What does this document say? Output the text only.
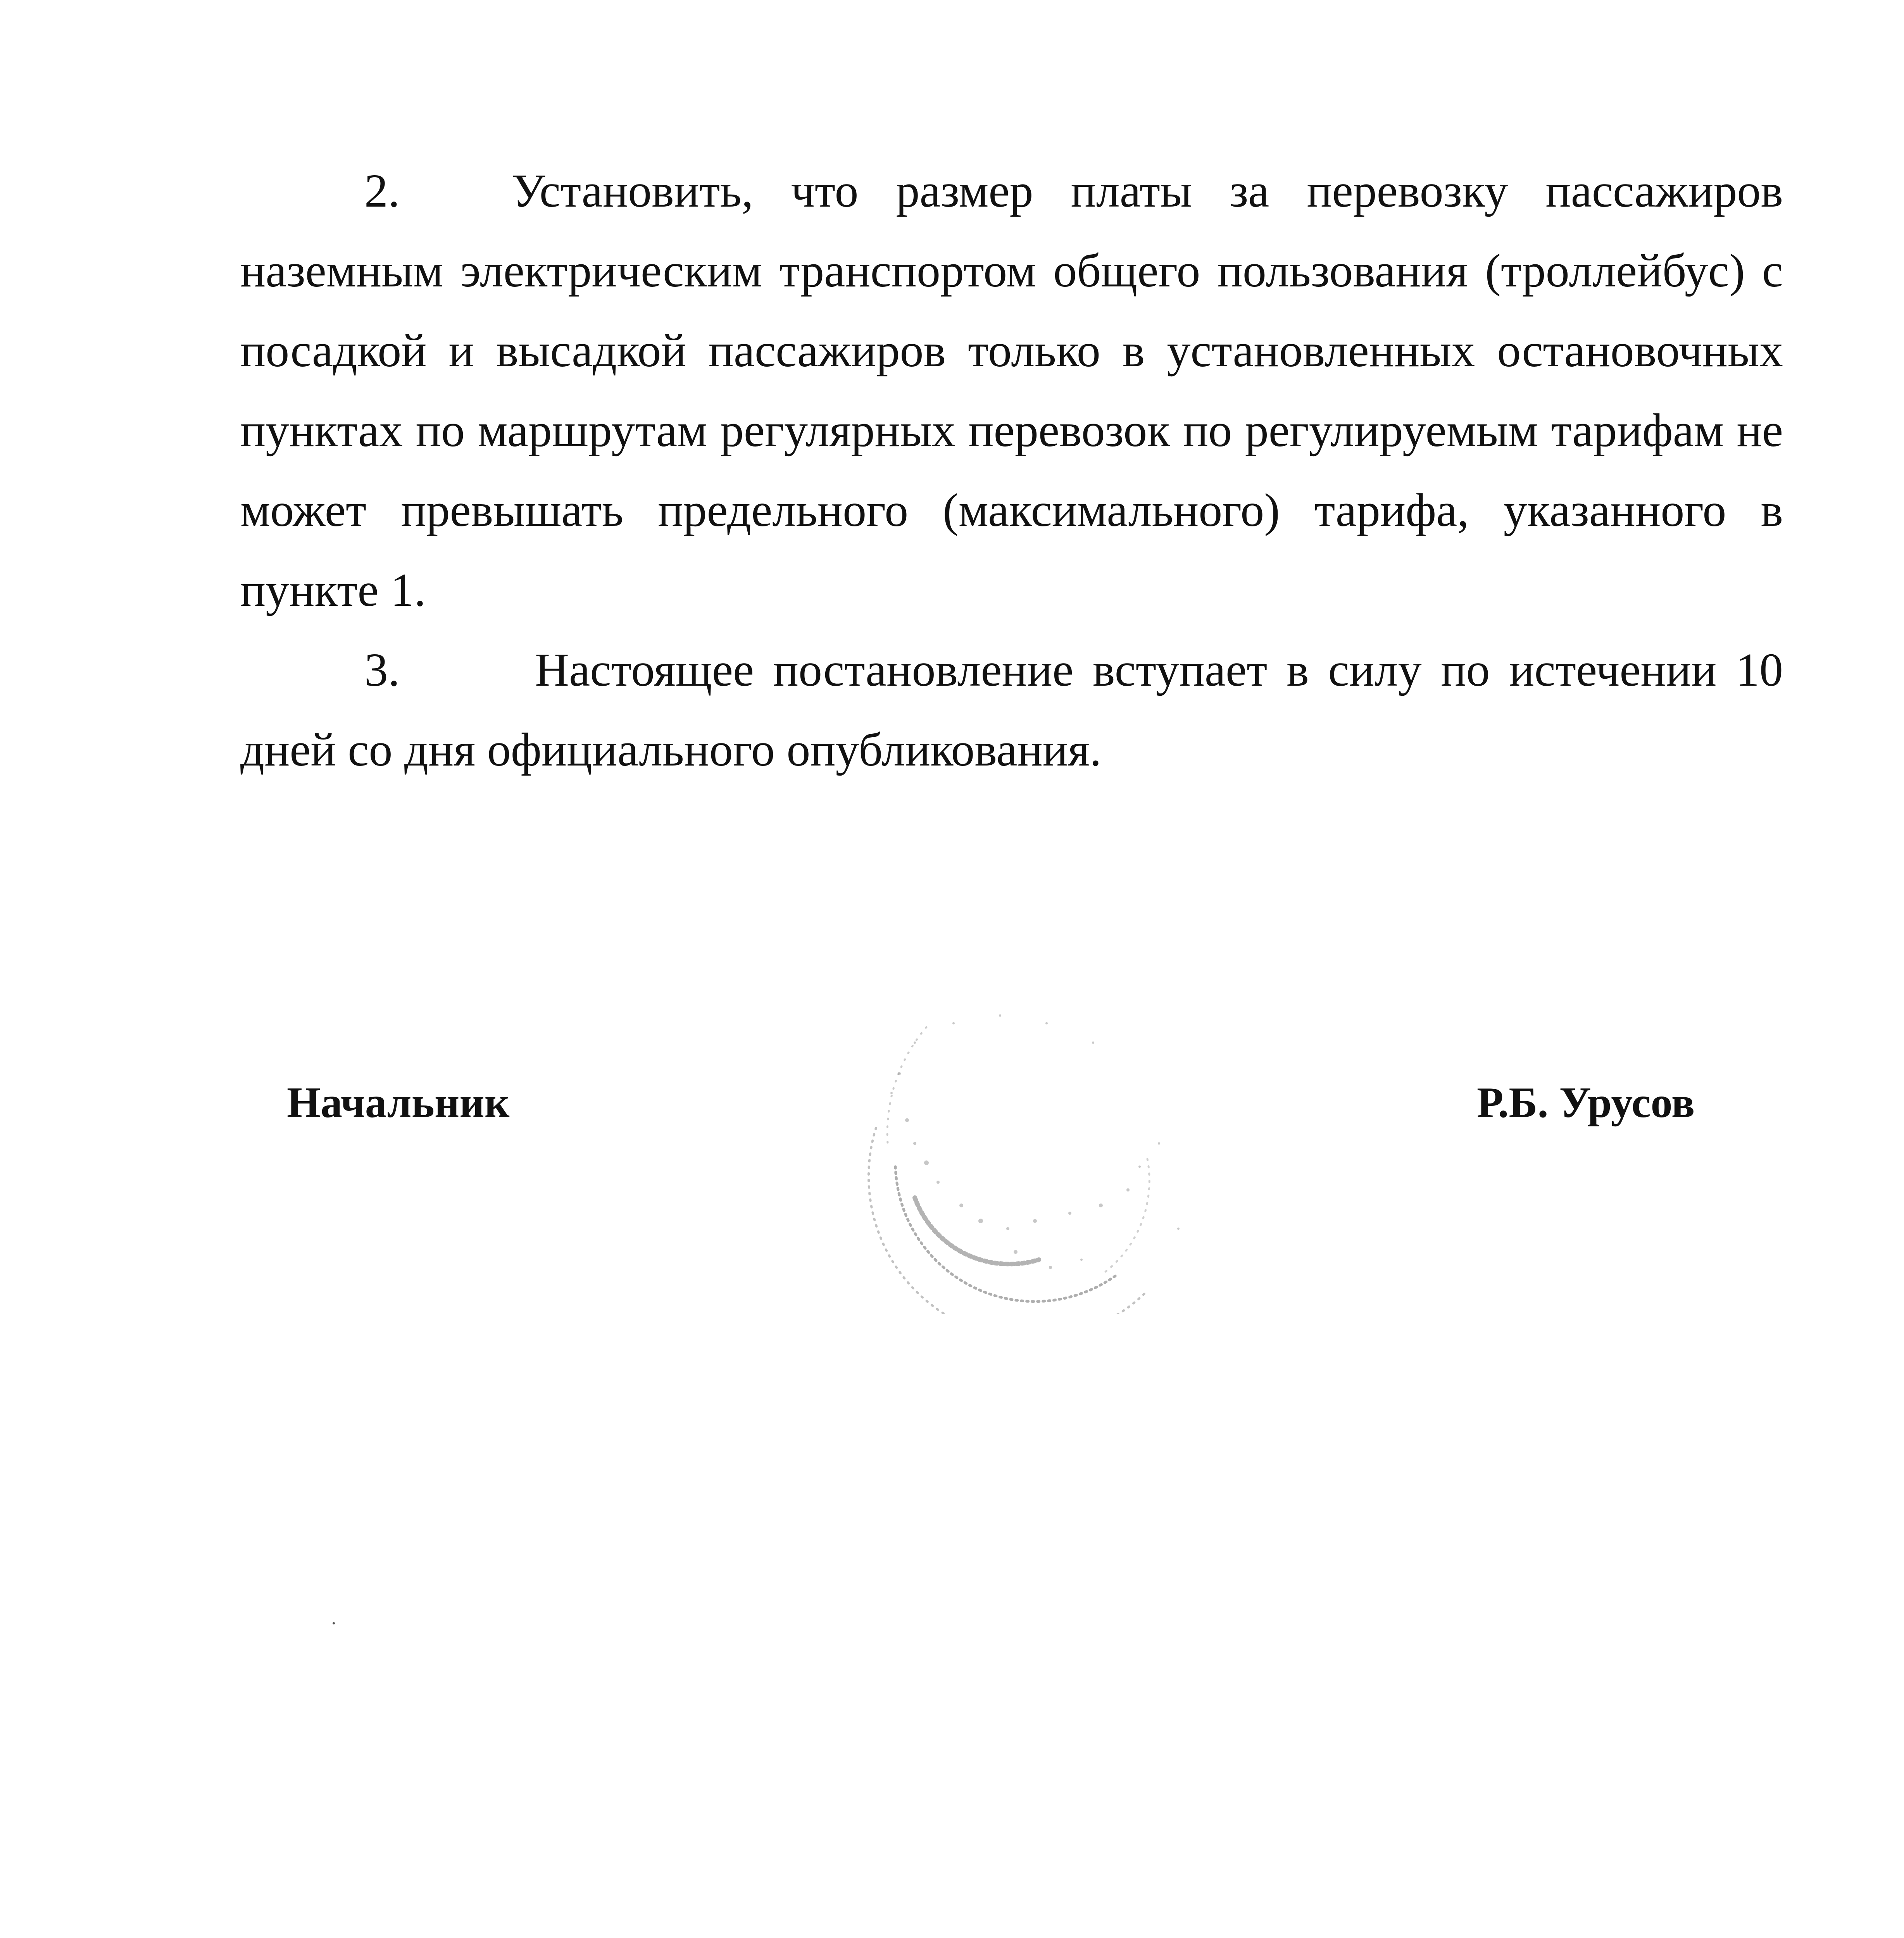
2. Установить, что размер платы за перевозку пассажиров наземным электрическим транспортом общего пользования (троллейбус) с посадкой и высадкой пассажиров только в установленных остановочных пунктах по маршрутам регулярных перевозок по регулируемым тарифам не может превышать предельного (максимального) тарифа, указанного в пункте 1.

3.	Настоящее постановление вступает в силу по истечении 10 дней со дня официального опубликования.

Начальник	Р.Б. Урусов
